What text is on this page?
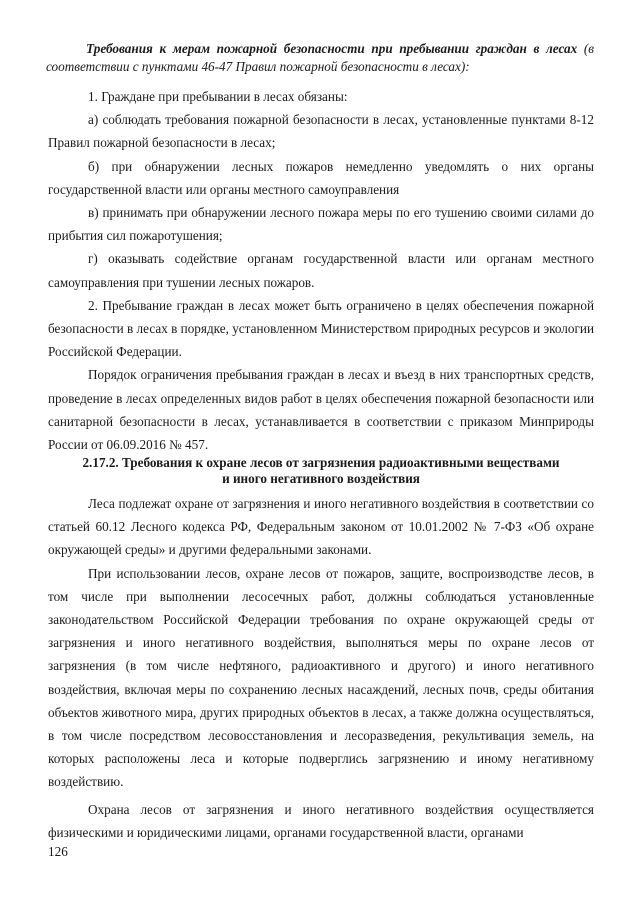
Требования к мерам пожарной безопасности при пребывании граждан в лесах (в соответствии с пунктами 46-47 Правил пожарной безопасности в лесах):

1. Граждане при пребывании в лесах обязаны:

а) соблюдать требования пожарной безопасности в лесах, установленные пунктами 8-12 Правил пожарной безопасности в лесах;

б) при обнаружении лесных пожаров немедленно уведомлять о них органы государственной власти или органы местного самоуправления

в) принимать при обнаружении лесного пожара меры по его тушению своими силами до прибытия сил пожаротушения;

г) оказывать содействие органам государственной власти или органам местного самоуправления при тушении лесных пожаров.

2. Пребывание граждан в лесах может быть ограничено в целях обеспечения пожарной безопасности в лесах в порядке, установленном Министерством природных ресурсов и экологии Российской Федерации.

Порядок ограничения пребывания граждан в лесах и въезд в них транспортных средств, проведение в лесах определенных видов работ в целях обеспечения пожарной безопасности или санитарной безопасности в лесах, устанавливается в соответствии с приказом Минприроды России от 06.09.2016 № 457.

2.17.2. Требования к охране лесов от загрязнения радиоактивными веществами
и иного негативного воздействия

Леса подлежат охране от загрязнения и иного негативного воздействия в соответствии со статьей 60.12 Лесного кодекса РФ, Федеральным законом от 10.01.2002 № 7-ФЗ «Об охране окружающей среды» и другими федеральными законами.

При использовании лесов, охране лесов от пожаров, защите, воспроизводстве лесов, в том числе при выполнении лесосечных работ, должны соблюдаться установленные законодательством Российской Федерации требования по охране окружающей среды от загрязнения и иного негативного воздействия, выполняться меры по охране лесов от загрязнения (в том числе нефтяного, радиоактивного и другого) и иного негативного воздействия, включая меры по сохранению лесных насаждений, лесных почв, среды обитания объектов животного мира, других природных объектов в лесах, а также должна осуществляться, в том числе посредством лесовосстановления и лесоразведения, рекультивация земель, на которых расположены леса и которые подверглись загрязнению и иному негативному воздействию.

Охрана лесов от загрязнения и иного негативного воздействия осуществляется физическими и юридическими лицами, органами государственной власти, органами

126
